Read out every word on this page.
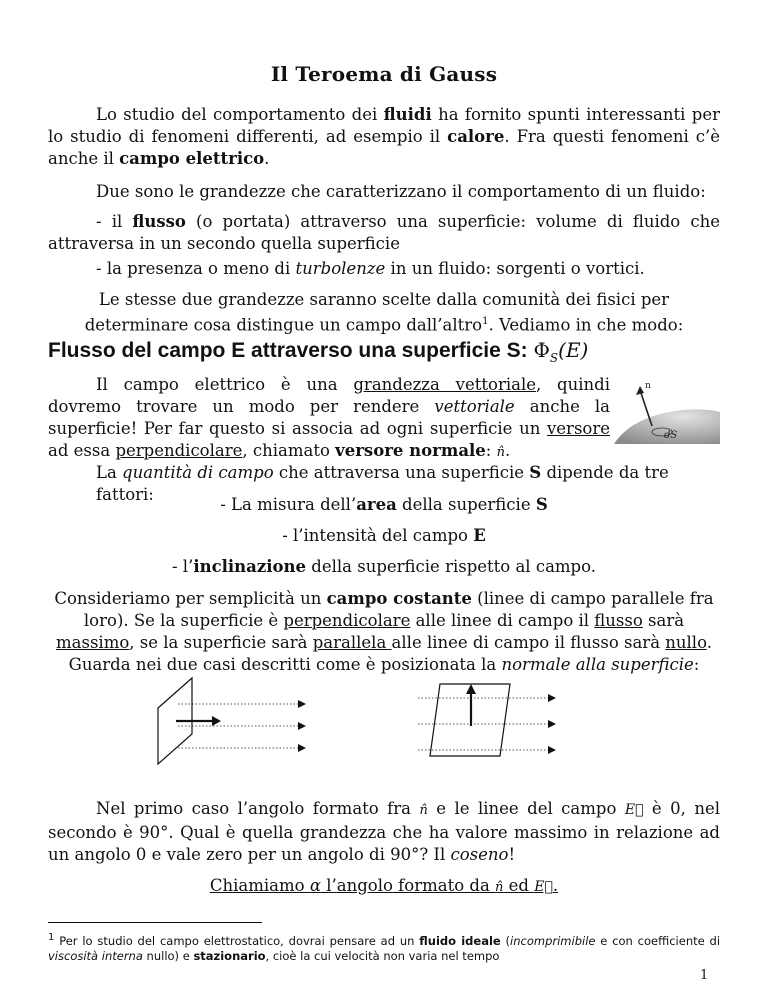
Il Teroema di Gauss
Lo studio del comportamento dei fluidi ha fornito spunti interessanti per lo studio di fenomeni differenti, ad esempio il calore. Fra questi fenomeni c’è anche il campo elettrico.
Due sono le grandezze che caratterizzano il comportamento di un fluido:
- il flusso (o portata) attraverso una superficie: volume di fluido che attraversa in un secondo quella superficie
- la presenza o meno di turbolenze in un fluido: sorgenti o vortici.
Le stesse due grandezze saranno scelte dalla comunità dei fisici per determinare cosa distingue un campo dall’altro$^1$. Vediamo in che modo:
Flusso del campo E attraverso una superficie S: $\Phi_S(E)$
Il campo elettrico è una grandezza vettoriale, quindi dovremo trovare un modo per rendere vettoriale anche la superficie! Per far questo si associa ad ogni superficie un versore ad essa perpendicolare, chiamato versore normale: n̂.
n
dS
La quantità di campo che attraversa una superficie S dipende da tre fattori:
- La misura dell’area della superficie S
- l’intensità del campo E
- l’inclinazione della superficie rispetto al campo.
Consideriamo per semplicità un campo costante (linee di campo parallele fra loro). Se la superficie è perpendicolare alle linee di campo il flusso sarà massimo, se la superficie sarà parallela alle linee di campo il flusso sarà nullo. Guarda nei due casi descritti come è posizionata la normale alla superficie:
Nel primo caso l’angolo formato fra n̂ e le linee del campo E⃗ è 0, nel secondo è 90°. Qual è quella grandezza che ha valore massimo in relazione ad un angolo 0 e vale zero per un angolo di 90°? Il coseno!
Chiamiamo α l’angolo formato da n̂ ed E⃗.
$^1$ Per lo studio del campo elettrostatico, dovrai pensare ad un fluido ideale (incomprimibile e con coefficiente di viscosità interna nullo) e stazionario, cioè la cui velocità non varia nel tempo
1
